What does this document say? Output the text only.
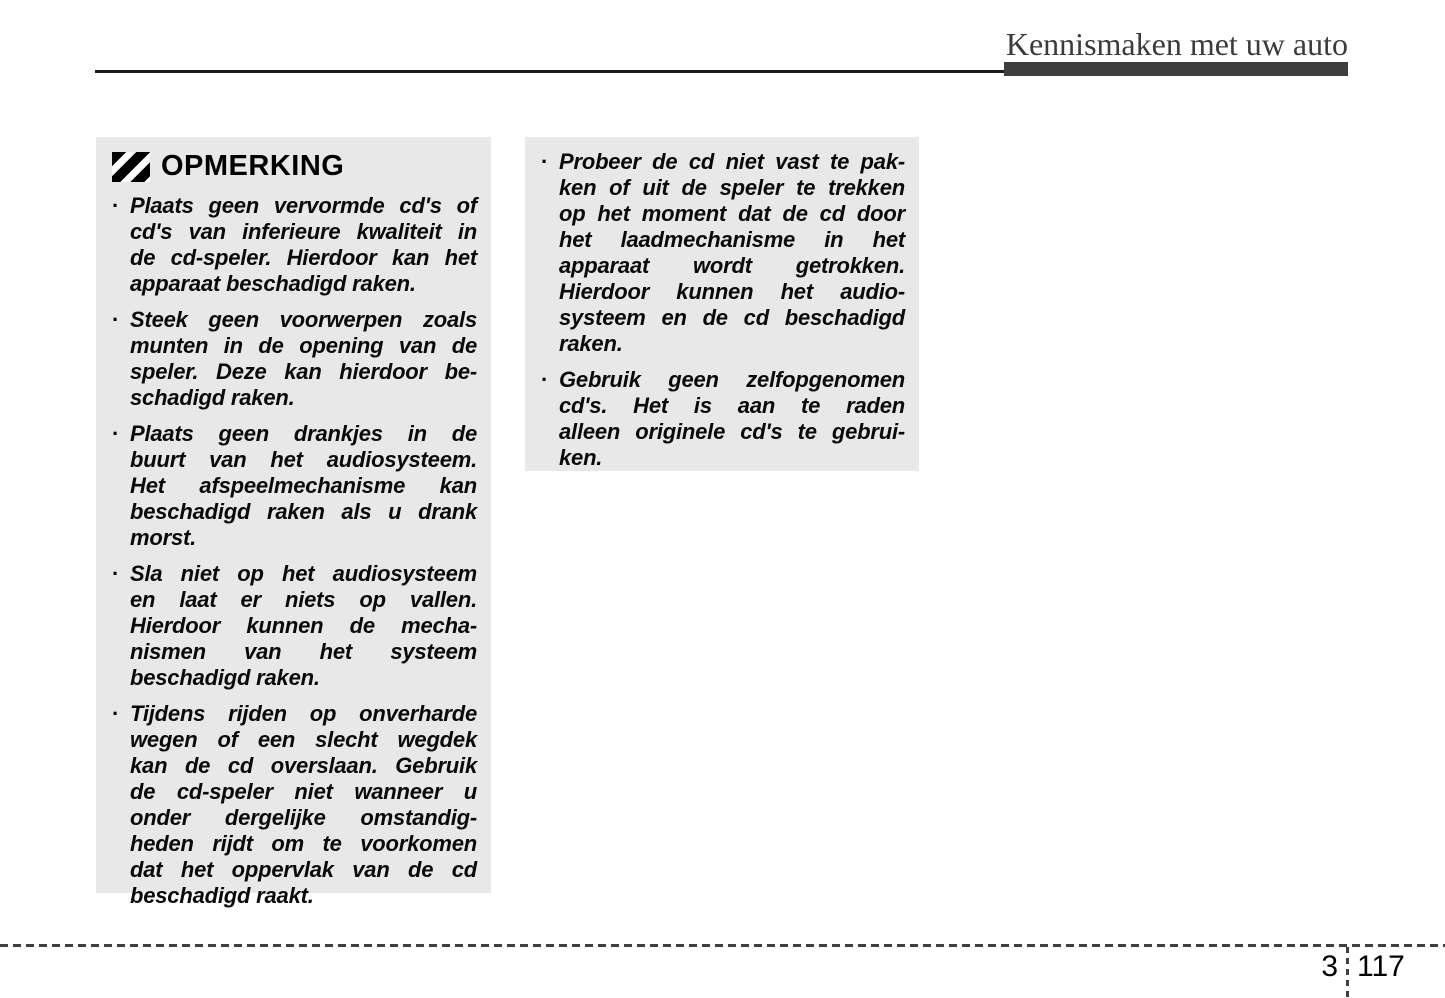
Kennismaken met uw auto
OPMERKING
· Plaats geen vervormde cd's of
cd's van inferieure kwaliteit in
de cd-speler. Hierdoor kan het
apparaat beschadigd raken.
· Steek geen voorwerpen zoals
munten in de opening van de
speler. Deze kan hierdoor be-
schadigd raken.
· Plaats geen drankjes in de
buurt van het audiosysteem.
Het afspeelmechanisme kan
beschadigd raken als u drank
morst.
· Sla niet op het audiosysteem
en laat er niets op vallen.
Hierdoor kunnen de mecha-
nismen van het systeem
beschadigd raken.
· Tijdens rijden op onverharde
wegen of een slecht wegdek
kan de cd overslaan. Gebruik
de cd-speler niet wanneer u
onder dergelijke omstandig-
heden rijdt om te voorkomen
dat het oppervlak van de cd
beschadigd raakt.
· Probeer de cd niet vast te pak-
ken of uit de speler te trekken
op het moment dat de cd door
het laadmechanisme in het
apparaat wordt getrokken.
Hierdoor kunnen het audio-
systeem en de cd beschadigd
raken.
· Gebruik geen zelfopgenomen
cd's. Het is aan te raden
alleen originele cd's te gebrui-
ken.
3 117
